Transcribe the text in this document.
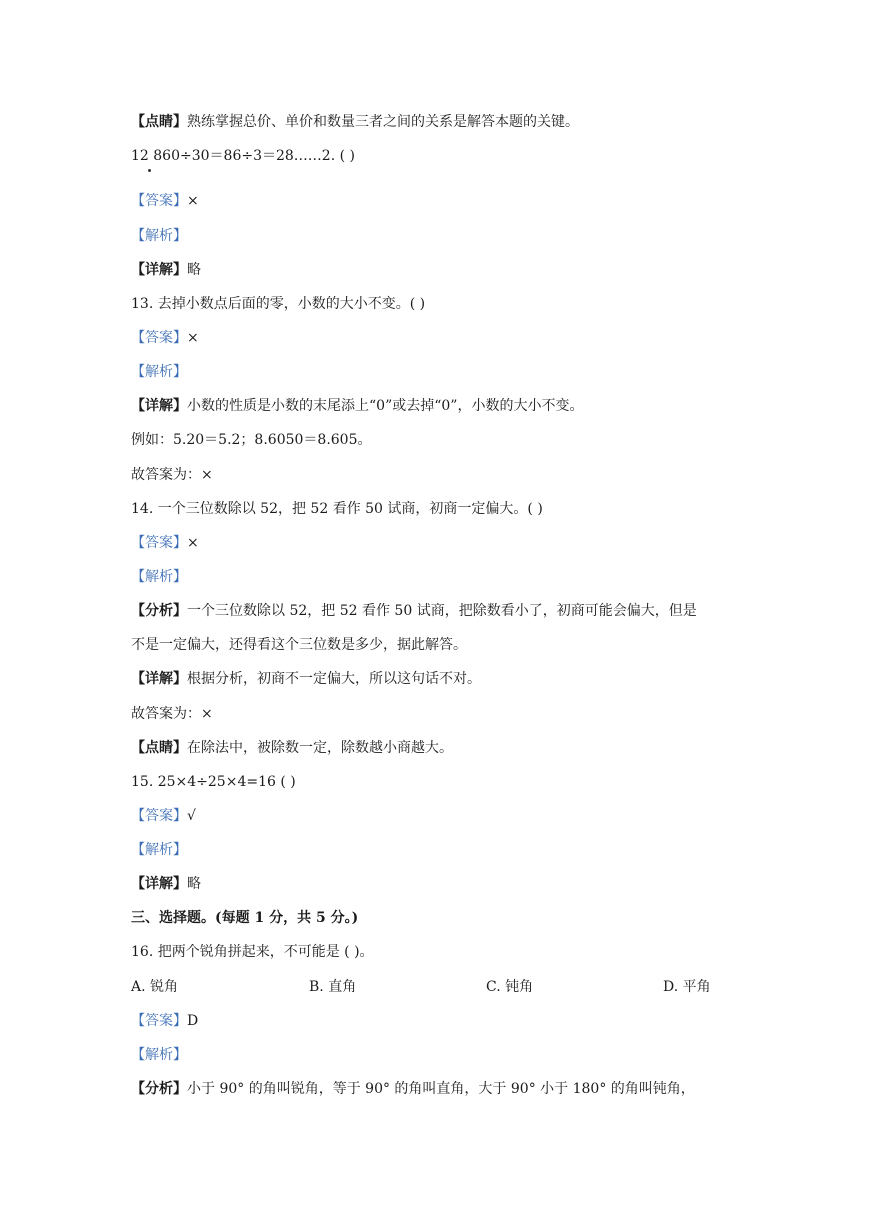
【点睛】熟练掌握总价、单价和数量三者之间的关系是解答本题的关键。
12 860÷30＝86÷3＝28……2. ( )
【答案】×
【解析】
【详解】略
13. 去掉小数点后面的零，小数的大小不变。( )
【答案】×
【解析】
【详解】小数的性质是小数的末尾添上“0”或去掉“0”，小数的大小不变。
例如：5.20＝5.2；8.6050＝8.605。
故答案为：×
14. 一个三位数除以 52，把 52 看作 50 试商，初商一定偏大。( )
【答案】×
【解析】
【分析】一个三位数除以 52，把 52 看作 50 试商，把除数看小了，初商可能会偏大，但是
不是一定偏大，还得看这个三位数是多少，据此解答。
【详解】根据分析，初商不一定偏大，所以这句话不对。
故答案为：×
【点睛】在除法中，被除数一定，除数越小商越大。
15. 25×4÷25×4=16 ( )
【答案】√
【解析】
【详解】略
三、选择题。(每题 1 分，共 5 分。)
16. 把两个锐角拼起来，不可能是 ( )。
A. 锐角	B. 直角	C. 钝角	D. 平角
【答案】D
【解析】
【分析】小于 90° 的角叫锐角，等于 90° 的角叫直角，大于 90° 小于 180° 的角叫钝角，
